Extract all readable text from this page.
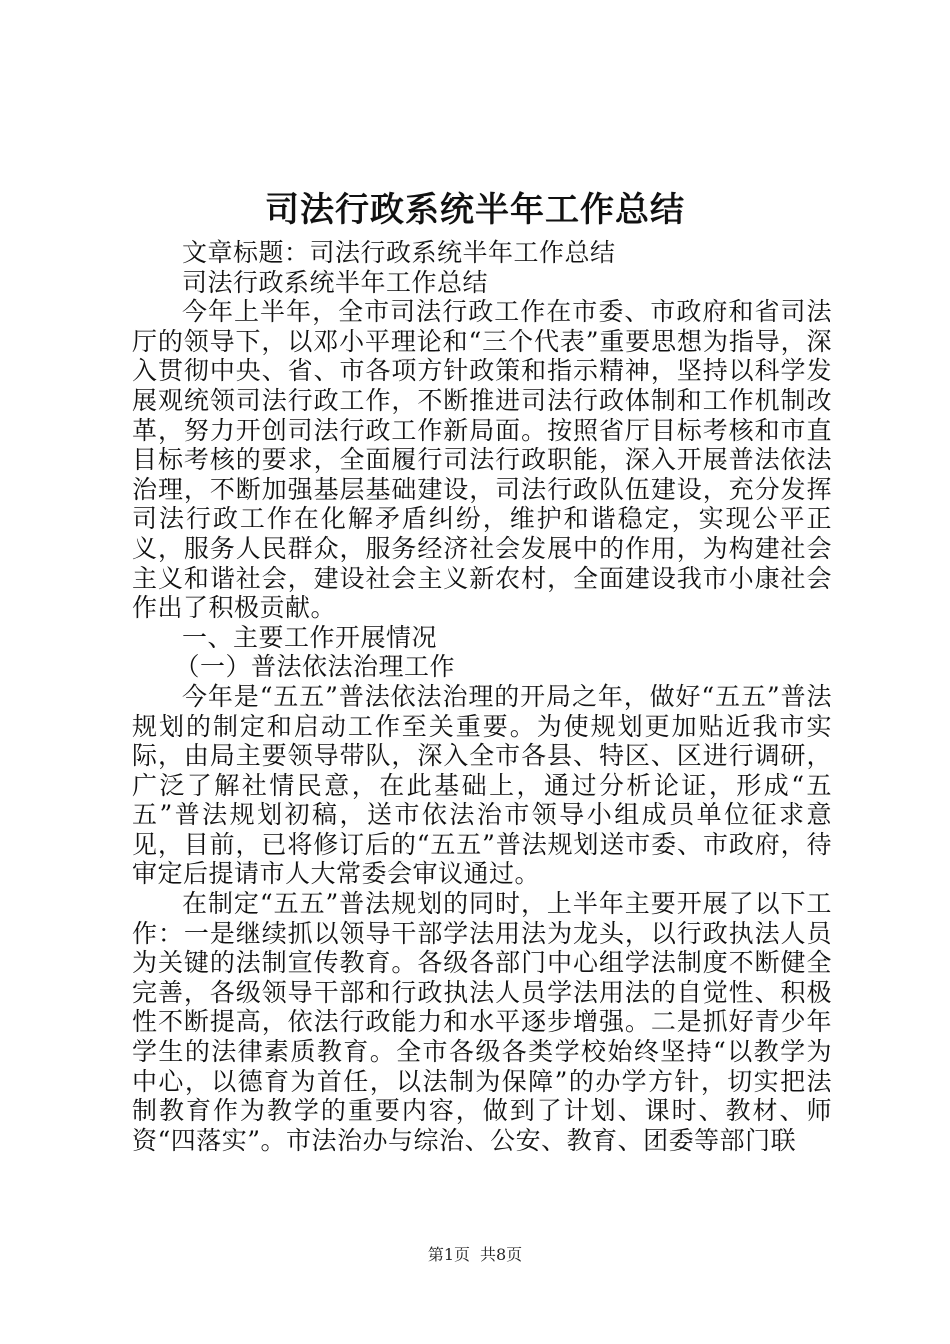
司法行政系统半年工作总结

文章标题：司法行政系统半年工作总结

司法行政系统半年工作总结

今年上半年，全市司法行政工作在市委、市政府和省司法厅的领导下，以邓小平理论和“三个代表”重要思想为指导，深入贯彻中央、省、市各项方针政策和指示精神，坚持以科学发展观统领司法行政工作，不断推进司法行政体制和工作机制改革，努力开创司法行政工作新局面。按照省厅目标考核和市直目标考核的要求，全面履行司法行政职能，深入开展普法依法治理，不断加强基层基础建设，司法行政队伍建设，充分发挥司法行政工作在化解矛盾纠纷，维护和谐稳定，实现公平正义，服务人民群众，服务经济社会发展中的作用，为构建社会主义和谐社会，建设社会主义新农村，全面建设我市小康社会作出了积极贡献。

一、主要工作开展情况

（一）普法依法治理工作

今年是“五五”普法依法治理的开局之年，做好“五五”普法规划的制定和启动工作至关重要。为使规划更加贴近我市实际，由局主要领导带队，深入全市各县、特区、区进行调研，广泛了解社情民意，在此基础上，通过分析论证，形成“五五”普法规划初稿，送市依法治市领导小组成员单位征求意见，目前，已将修订后的“五五”普法规划送市委、市政府，待审定后提请市人大常委会审议通过。

在制定“五五”普法规划的同时，上半年主要开展了以下工作：一是继续抓以领导干部学法用法为龙头，以行政执法人员为关键的法制宣传教育。各级各部门中心组学法制度不断健全完善，各级领导干部和行政执法人员学法用法的自觉性、积极性不断提高，依法行政能力和水平逐步增强。二是抓好青少年学生的法律素质教育。全市各级各类学校始终坚持“以教学为中心，以德育为首任，以法制为保障”的办学方针，切实把法制教育作为教学的重要内容，做到了计划、课时、教材、师资“四落实”。市法治办与综治、公安、教育、团委等部门联

第1页 共8页
